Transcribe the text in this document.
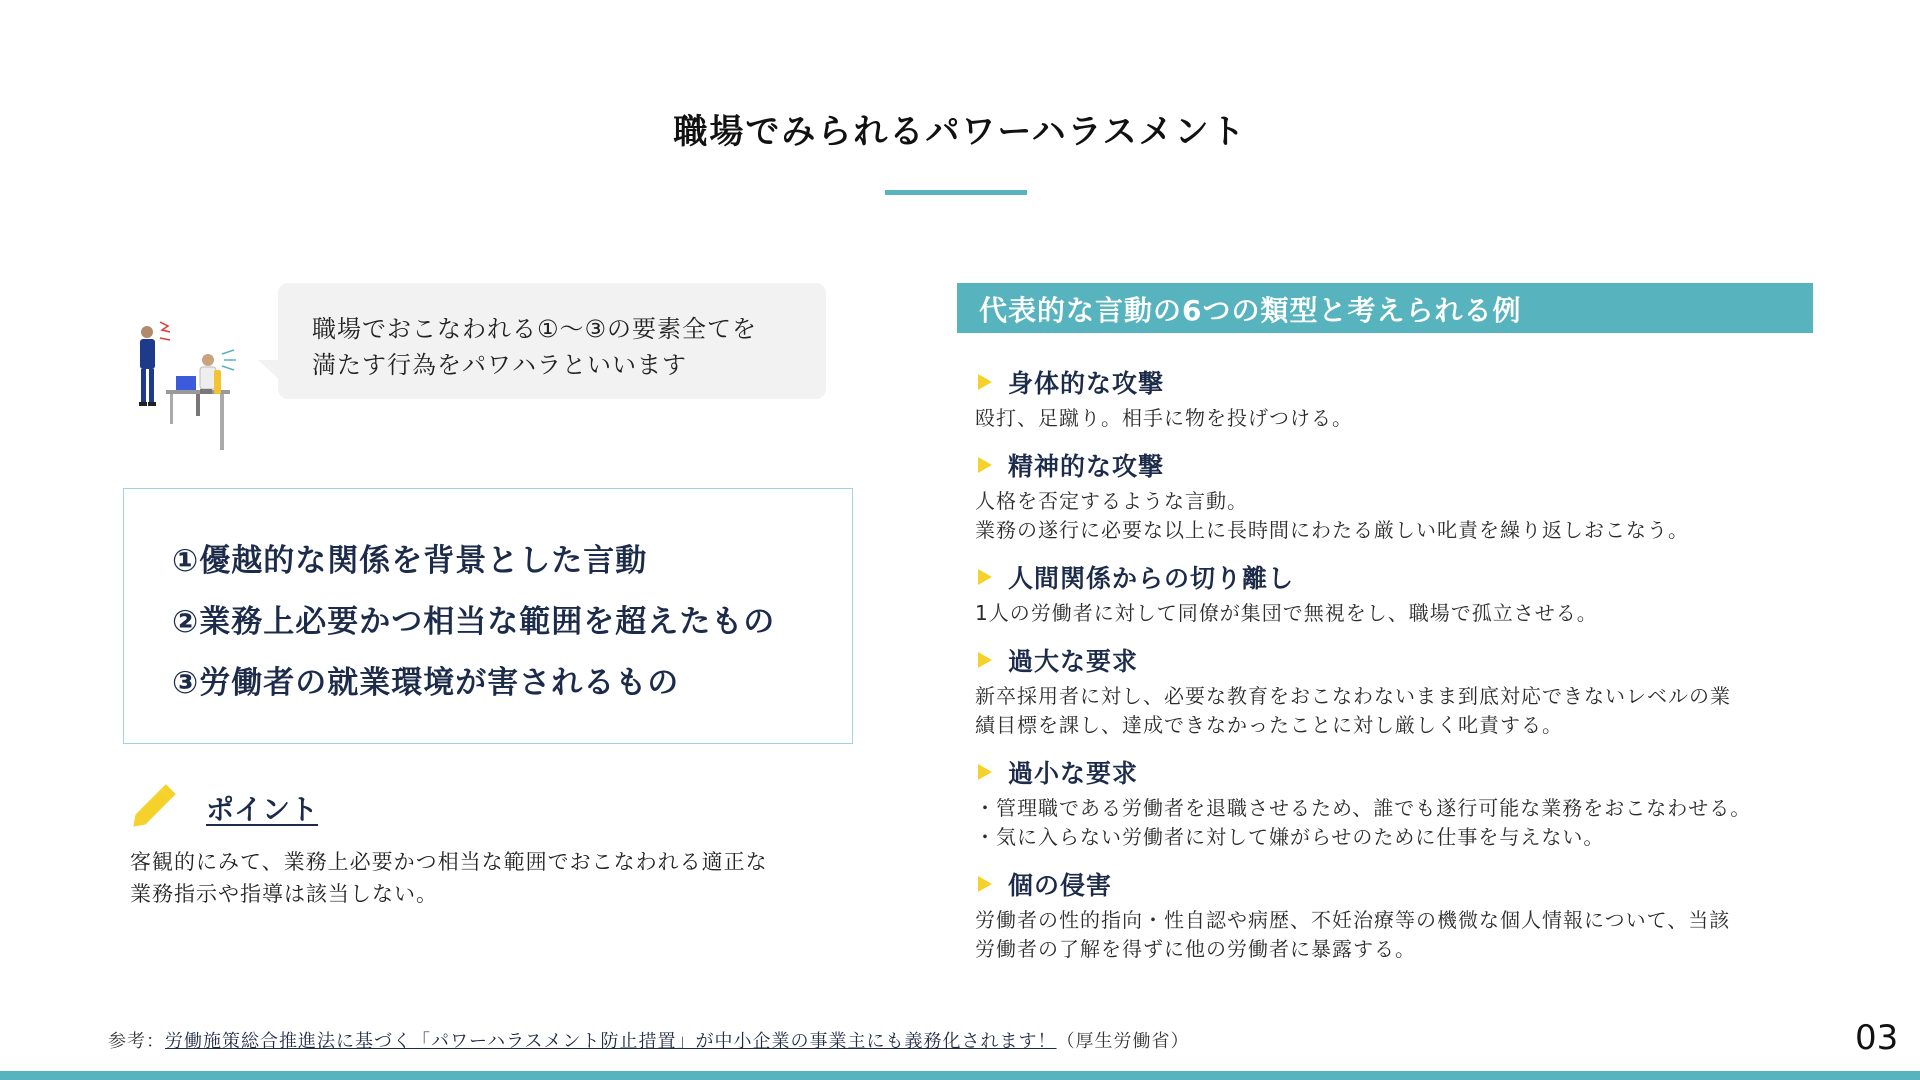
職場でみられるパワーハラスメント
職場でおこなわれる①〜③の要素全てを
満たす行為をパワハラといいます
①優越的な関係を背景とした言動
②業務上必要かつ相当な範囲を超えたもの
③労働者の就業環境が害されるもの
ポイント
客観的にみて、業務上必要かつ相当な範囲でおこなわれる適正な
業務指示や指導は該当しない。
代表的な言動の6つの類型と考えられる例
身体的な攻撃
殴打、足蹴り。相手に物を投げつける。
精神的な攻撃
人格を否定するような言動。
業務の遂行に必要な以上に長時間にわたる厳しい叱責を繰り返しおこなう。
人間関係からの切り離し
1人の労働者に対して同僚が集団で無視をし、職場で孤立させる。
過大な要求
新卒採用者に対し、必要な教育をおこなわないまま到底対応できないレベルの業
績目標を課し、達成できなかったことに対し厳しく叱責する。
過小な要求
・管理職である労働者を退職させるため、誰でも遂行可能な業務をおこなわせる。
・気に入らない労働者に対して嫌がらせのために仕事を与えない。
個の侵害
労働者の性的指向・性自認や病歴、不妊治療等の機微な個人情報について、当該
労働者の了解を得ずに他の労働者に暴露する。
参考：労働施策総合推進法に基づく「パワーハラスメント防止措置」が中小企業の事業主にも義務化されます！（厚生労働省）	03
